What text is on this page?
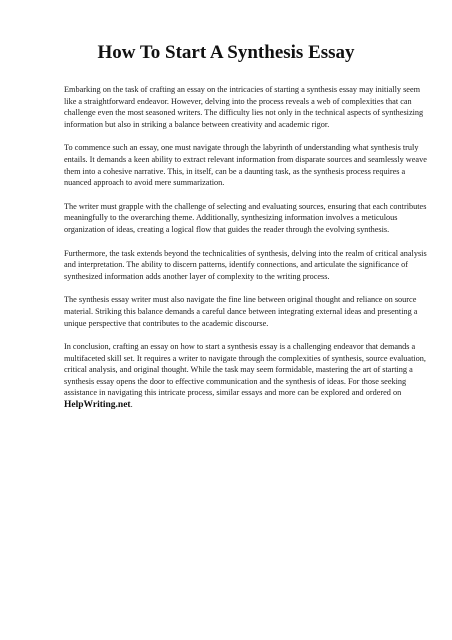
How To Start A Synthesis Essay

Embarking on the task of crafting an essay on the intricacies of starting a synthesis essay may initially seem like a straightforward endeavor. However, delving into the process reveals a web of complexities that can challenge even the most seasoned writers. The difficulty lies not only in the technical aspects of synthesizing information but also in striking a balance between creativity and academic rigor.

To commence such an essay, one must navigate through the labyrinth of understanding what synthesis truly entails. It demands a keen ability to extract relevant information from disparate sources and seamlessly weave them into a cohesive narrative. This, in itself, can be a daunting task, as the synthesis process requires a nuanced approach to avoid mere summarization.

The writer must grapple with the challenge of selecting and evaluating sources, ensuring that each contributes meaningfully to the overarching theme. Additionally, synthesizing information involves a meticulous organization of ideas, creating a logical flow that guides the reader through the evolving synthesis.

Furthermore, the task extends beyond the technicalities of synthesis, delving into the realm of critical analysis and interpretation. The ability to discern patterns, identify connections, and articulate the significance of synthesized information adds another layer of complexity to the writing process.

The synthesis essay writer must also navigate the fine line between original thought and reliance on source material. Striking this balance demands a careful dance between integrating external ideas and presenting a unique perspective that contributes to the academic discourse.

In conclusion, crafting an essay on how to start a synthesis essay is a challenging endeavor that demands a multifaceted skill set. It requires a writer to navigate through the complexities of synthesis, source evaluation, critical analysis, and original thought. While the task may seem formidable, mastering the art of starting a synthesis essay opens the door to effective communication and the synthesis of ideas. For those seeking assistance in navigating this intricate process, similar essays and more can be explored and ordered on HelpWriting.net.
